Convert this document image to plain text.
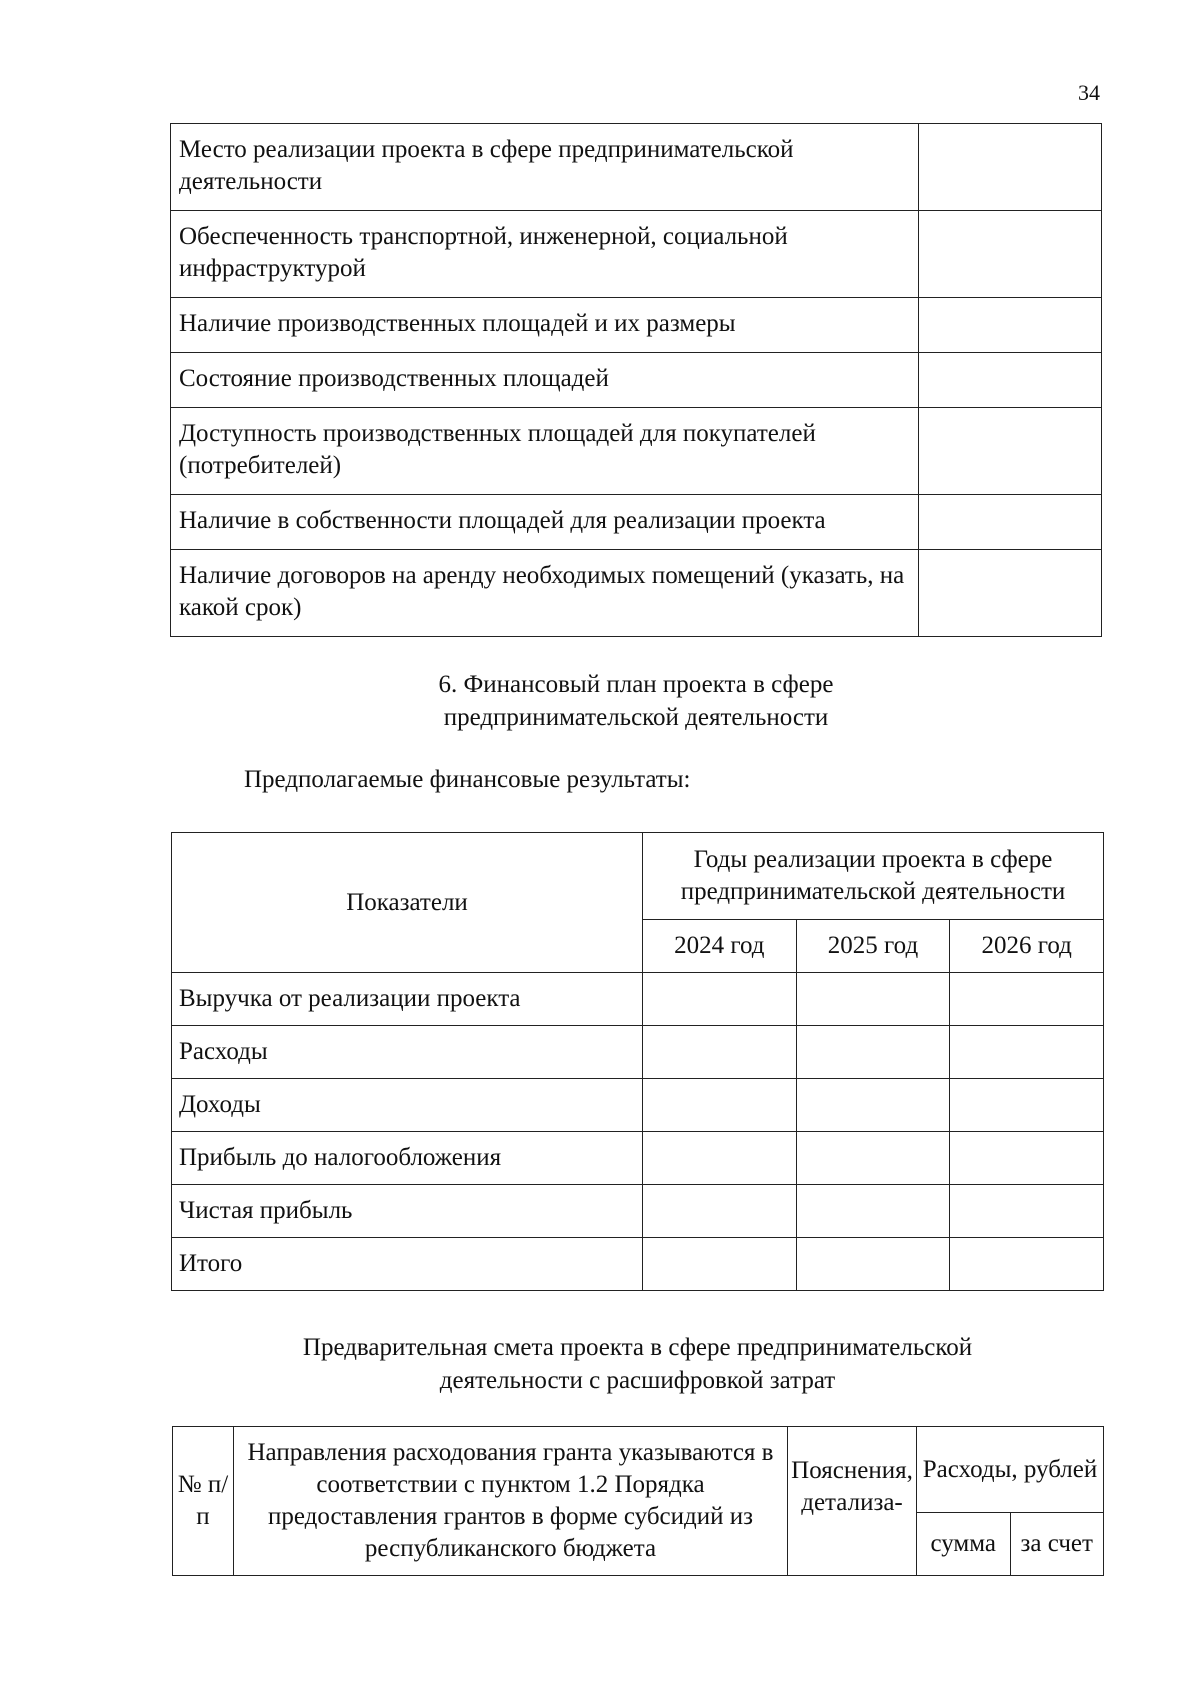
34
Место реализации проекта в сфере предпринимательской деятельности	
Обеспеченность транспортной, инженерной, социальной инфраструктурой	
Наличие производственных площадей и их размеры	
Состояние производственных площадей	
Доступность производственных площадей для покупателей (потребителей)	
Наличие в собственности площадей для реализации проекта	
Наличие договоров на аренду необходимых помещений (указать, на какой срок)	
6. Финансовый план проекта в сфере
предпринимательской деятельности
Предполагаемые финансовые результаты:
Показатели	Годы реализации проекта в сфере предпринимательской деятельности		
	2024 год	2025 год	2026 год
Выручка от реализации проекта			
Расходы			
Доходы			
Прибыль до налогообложения			
Чистая прибыль			
Итого			
Предварительная смета проекта в сфере предпринимательской
деятельности с расшифровкой затрат
№ п/п	Направления расходования гранта указываются в соответствии с пунктом 1.2 Порядка предоставления грантов в форме субсидий из республиканского бюджета	Пояснения, детализа-	Расходы, рублей	
			сумма	за счет
